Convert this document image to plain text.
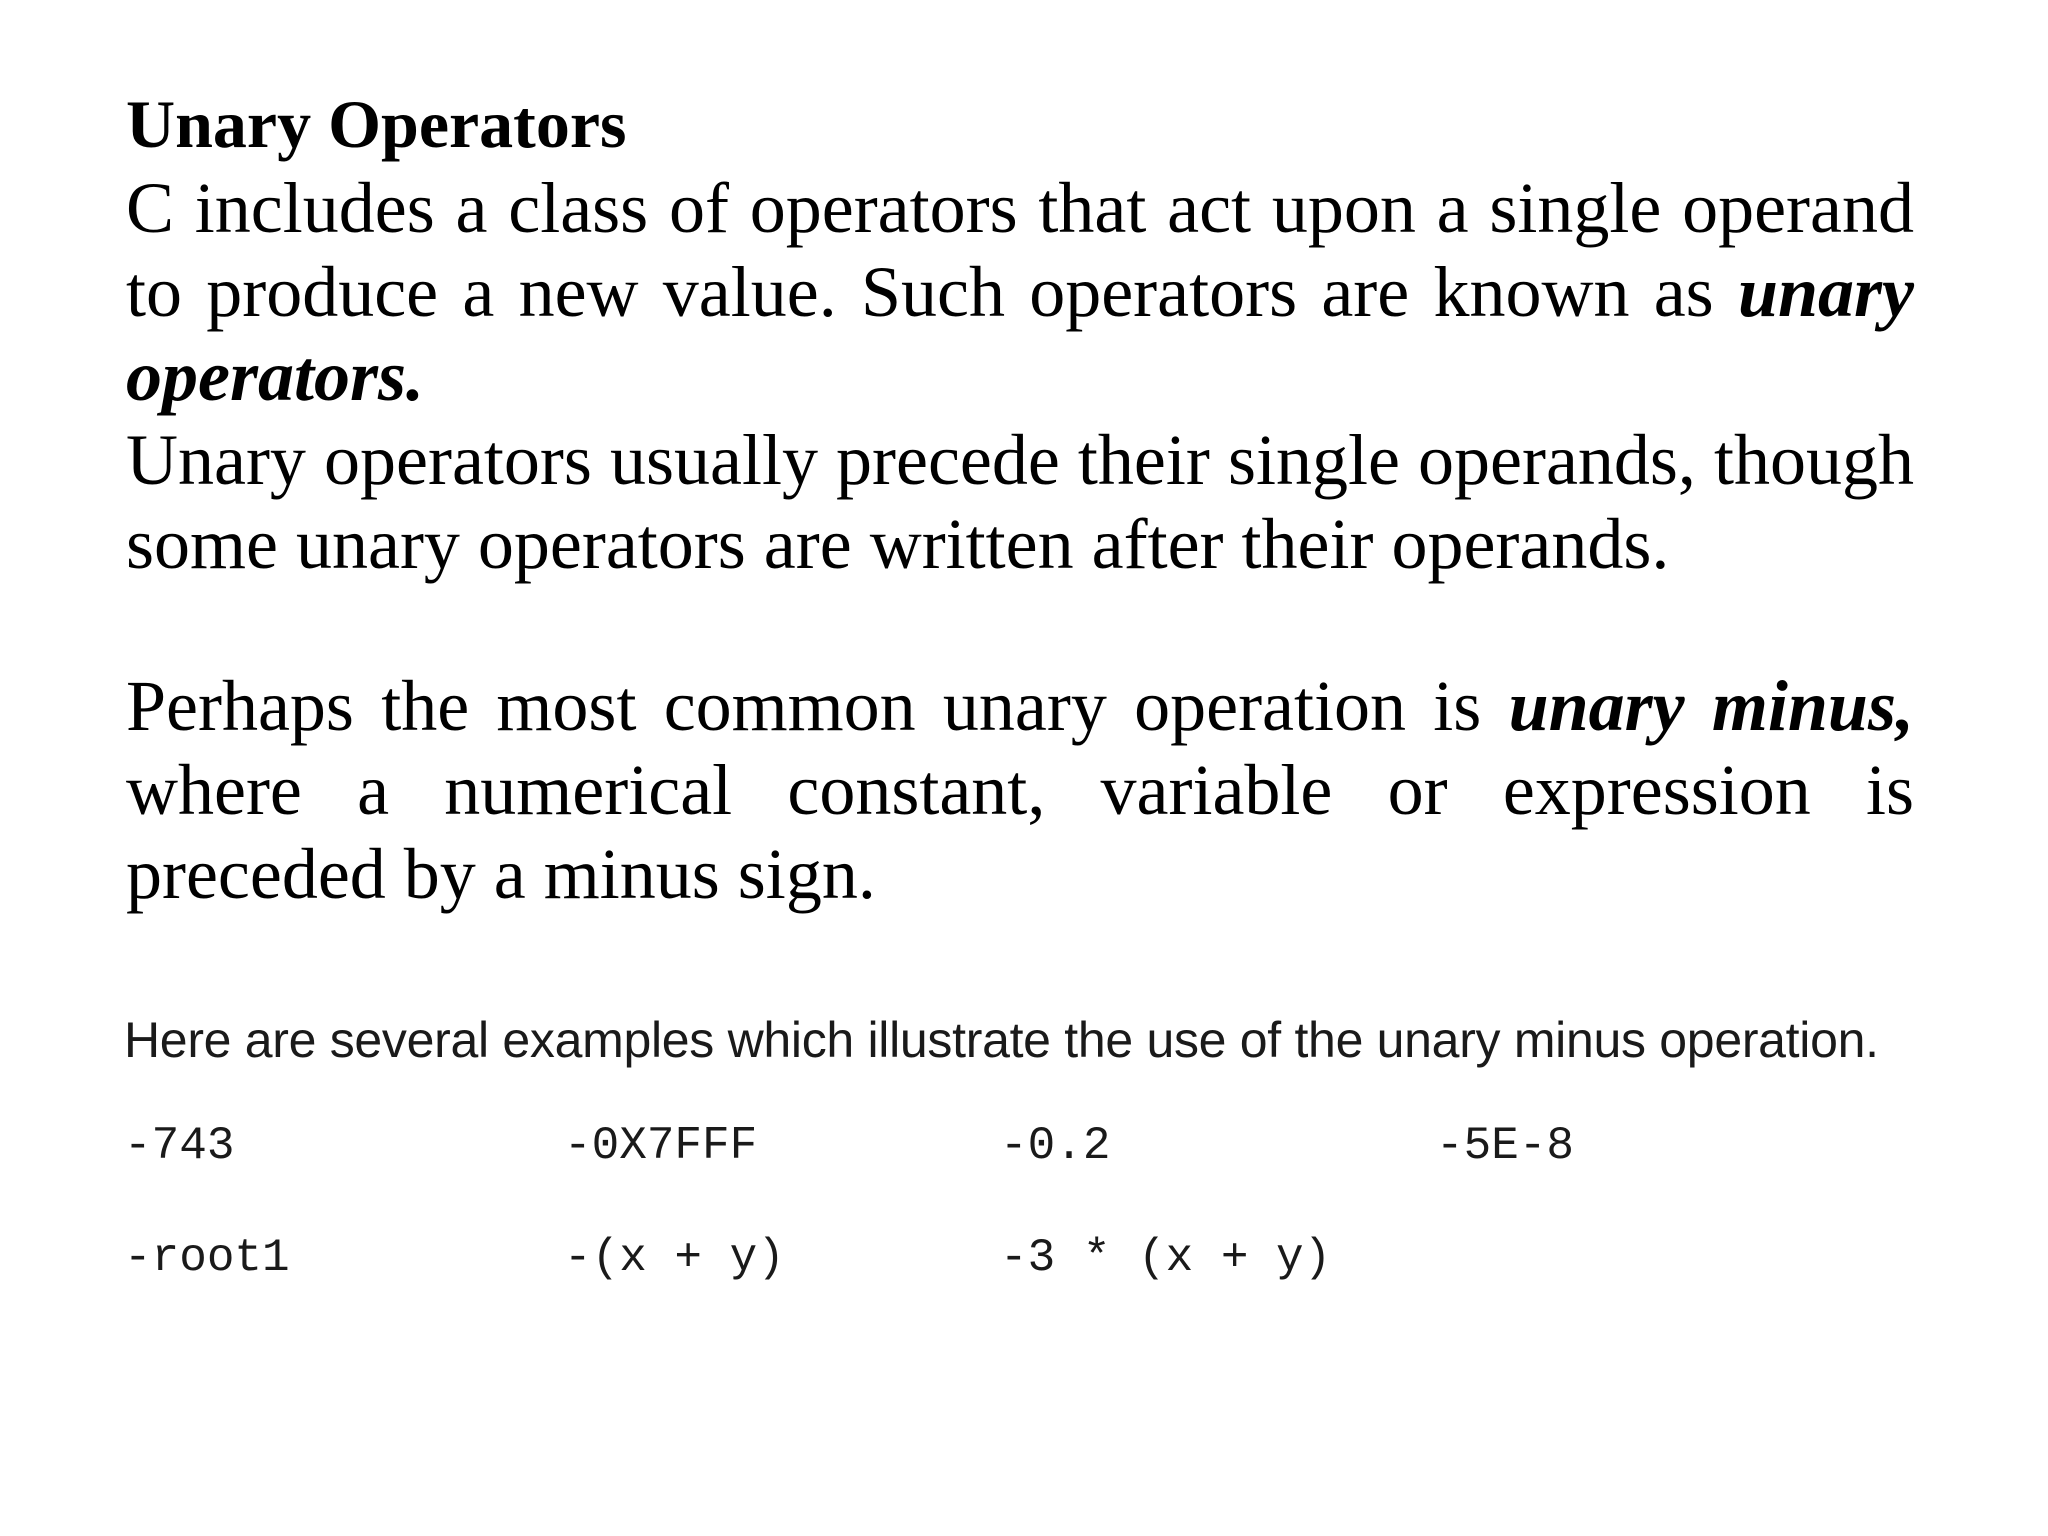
Unary Operators

C includes a class of operators that act upon a single operand to produce a new value. Such operators are known as unary operators.

Unary operators usually precede their single operands, though some unary operators are written after their operands.

Perhaps the most common unary operation is unary minus, where a numerical constant, variable or expression is preceded by a minus sign.

Here are several examples which illustrate the use of the unary minus operation.

-743	-0X7FFF	-0.2	-5E-8
-root1	-(x + y)	-3 * (x + y)
